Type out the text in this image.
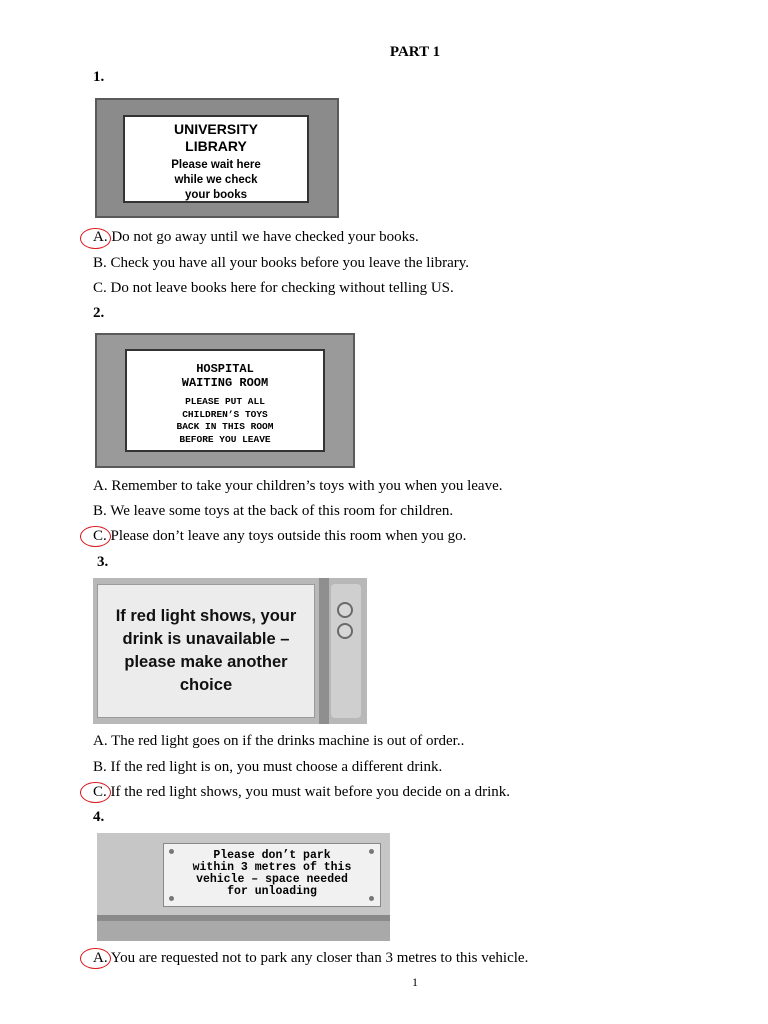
PART 1
1.
UNIVERSITY
LIBRARY
Please wait here
while we check
your books
A. Do not go away until we have checked your books.
B. Check you have all your books before you leave the library.
C. Do not leave books here for checking without telling US.
2.
HOSPITAL
WAITING ROOM
PLEASE PUT ALL
CHILDREN’S TOYS
BACK IN THIS ROOM
BEFORE YOU LEAVE
A. Remember to take your children’s toys with you when you leave.
B. We leave some toys at the back of this room for children.
C. Please don’t leave any toys outside this room when you go.
3.
If red light shows, your
drink is unavailable –
please make another
choice
A. The red light goes on if the drinks machine is out of order..
B. If the red light is on, you must choose a different drink.
C. If the red light shows, you must wait before you decide on a drink.
4.
Please don’t park
within 3 metres of this
vehicle – space needed
for unloading
A. You are requested not to park any closer than 3 metres to this vehicle.
1
